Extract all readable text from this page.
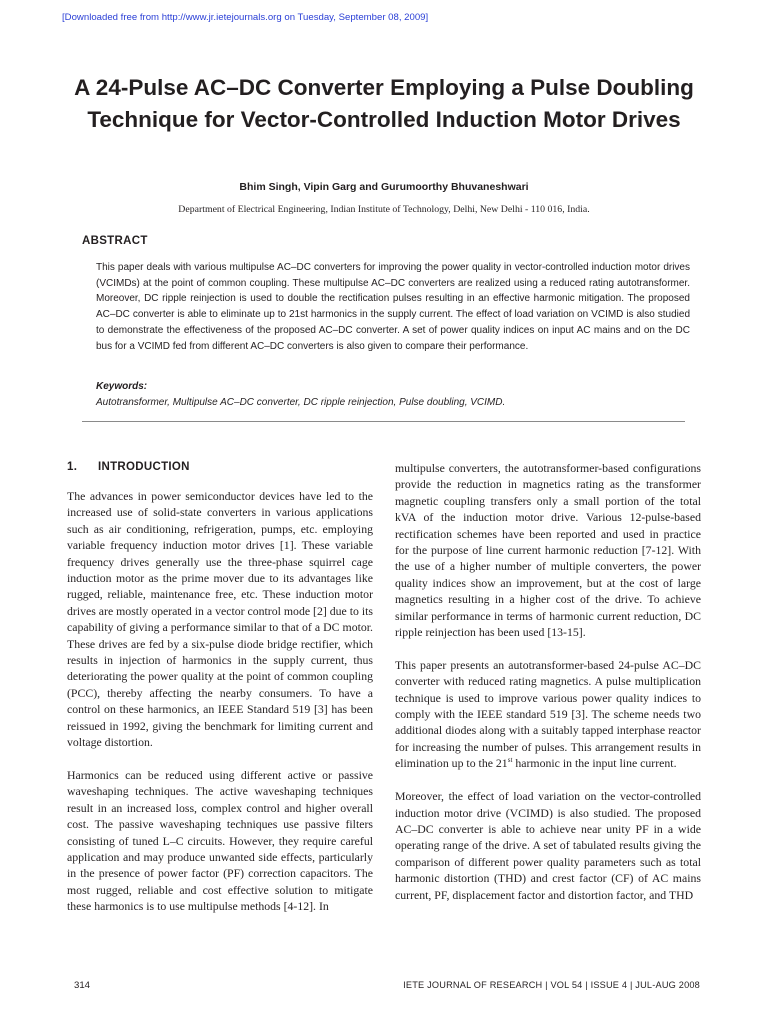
[Downloaded free from http://www.jr.ietejournals.org on Tuesday, September 08, 2009]
A 24-Pulse AC–DC Converter Employing a Pulse Doubling Technique for Vector-Controlled Induction Motor Drives
Bhim Singh, Vipin Garg and Gurumoorthy Bhuvaneshwari
Department of Electrical Engineering, Indian Institute of Technology, Delhi, New Delhi - 110 016, India.
ABSTRACT

This paper deals with various multipulse AC–DC converters for improving the power quality in vector-controlled induction motor drives (VCIMDs) at the point of common coupling. These multipulse AC–DC converters are realized using a reduced rating autotransformer. Moreover, DC ripple reinjection is used to double the rectification pulses resulting in an effective harmonic mitigation. The proposed AC–DC converter is able to eliminate up to 21st harmonics in the supply current. The effect of load variation on VCIMD is also studied to demonstrate the effectiveness of the proposed AC–DC converter. A set of power quality indices on input AC mains and on the DC bus for a VCIMD fed from different AC–DC converters is also given to compare their performance.

Keywords:
Autotransformer, Multipulse AC–DC converter, DC ripple reinjection, Pulse doubling, VCIMD.
1. INTRODUCTION

The advances in power semiconductor devices have led to the increased use of solid-state converters in various applications such as air conditioning, refrigeration, pumps, etc. employing variable frequency induction motor drives [1]. These variable frequency drives generally use the three-phase squirrel cage induction motor as the prime mover due to its advantages like rugged, reliable, maintenance free, etc. These induction motor drives are mostly operated in a vector control mode [2] due to its capability of giving a performance similar to that of a DC motor. These drives are fed by a six-pulse diode bridge rectifier, which results in injection of harmonics in the supply current, thus deteriorating the power quality at the point of common coupling (PCC), thereby affecting the nearby consumers. To have a control on these harmonics, an IEEE Standard 519 [3] has been reissued in 1992, giving the benchmark for limiting current and voltage distortion.

Harmonics can be reduced using different active or passive waveshaping techniques. The active waveshaping techniques result in an increased loss, complex control and higher overall cost. The passive waveshaping techniques use passive filters consisting of tuned L–C circuits. However, they require careful application and may produce unwanted side effects, particularly in the presence of power factor (PF) correction capacitors. The most rugged, reliable and cost effective solution to mitigate these harmonics is to use multipulse methods [4-12]. In

multipulse converters, the autotransformer-based configurations provide the reduction in magnetics rating as the transformer magnetic coupling transfers only a small portion of the total kVA of the induction motor drive. Various 12-pulse-based rectification schemes have been reported and used in practice for the purpose of line current harmonic reduction [7-12]. With the use of a higher number of multiple converters, the power quality indices show an improvement, but at the cost of large magnetics resulting in a higher cost of the drive. To achieve similar performance in terms of harmonic current reduction, DC ripple reinjection has been used [13-15].

This paper presents an autotransformer-based 24-pulse AC–DC converter with reduced rating magnetics. A pulse multiplication technique is used to improve various power quality indices to comply with the IEEE standard 519 [3]. The scheme needs two additional diodes along with a suitably tapped interphase reactor for increasing the number of pulses. This arrangement results in elimination up to the 21st harmonic in the input line current.

Moreover, the effect of load variation on the vector-controlled induction motor drive (VCIMD) is also studied. The proposed AC–DC converter is able to achieve near unity PF in a wide operating range of the drive. A set of tabulated results giving the comparison of different power quality parameters such as total harmonic distortion (THD) and crest factor (CF) of AC mains current, PF, displacement factor and distortion factor, and THD

314	IETE JOURNAL OF RESEARCH | VOL 54 | ISSUE 4 | JUL-AUG 2008
